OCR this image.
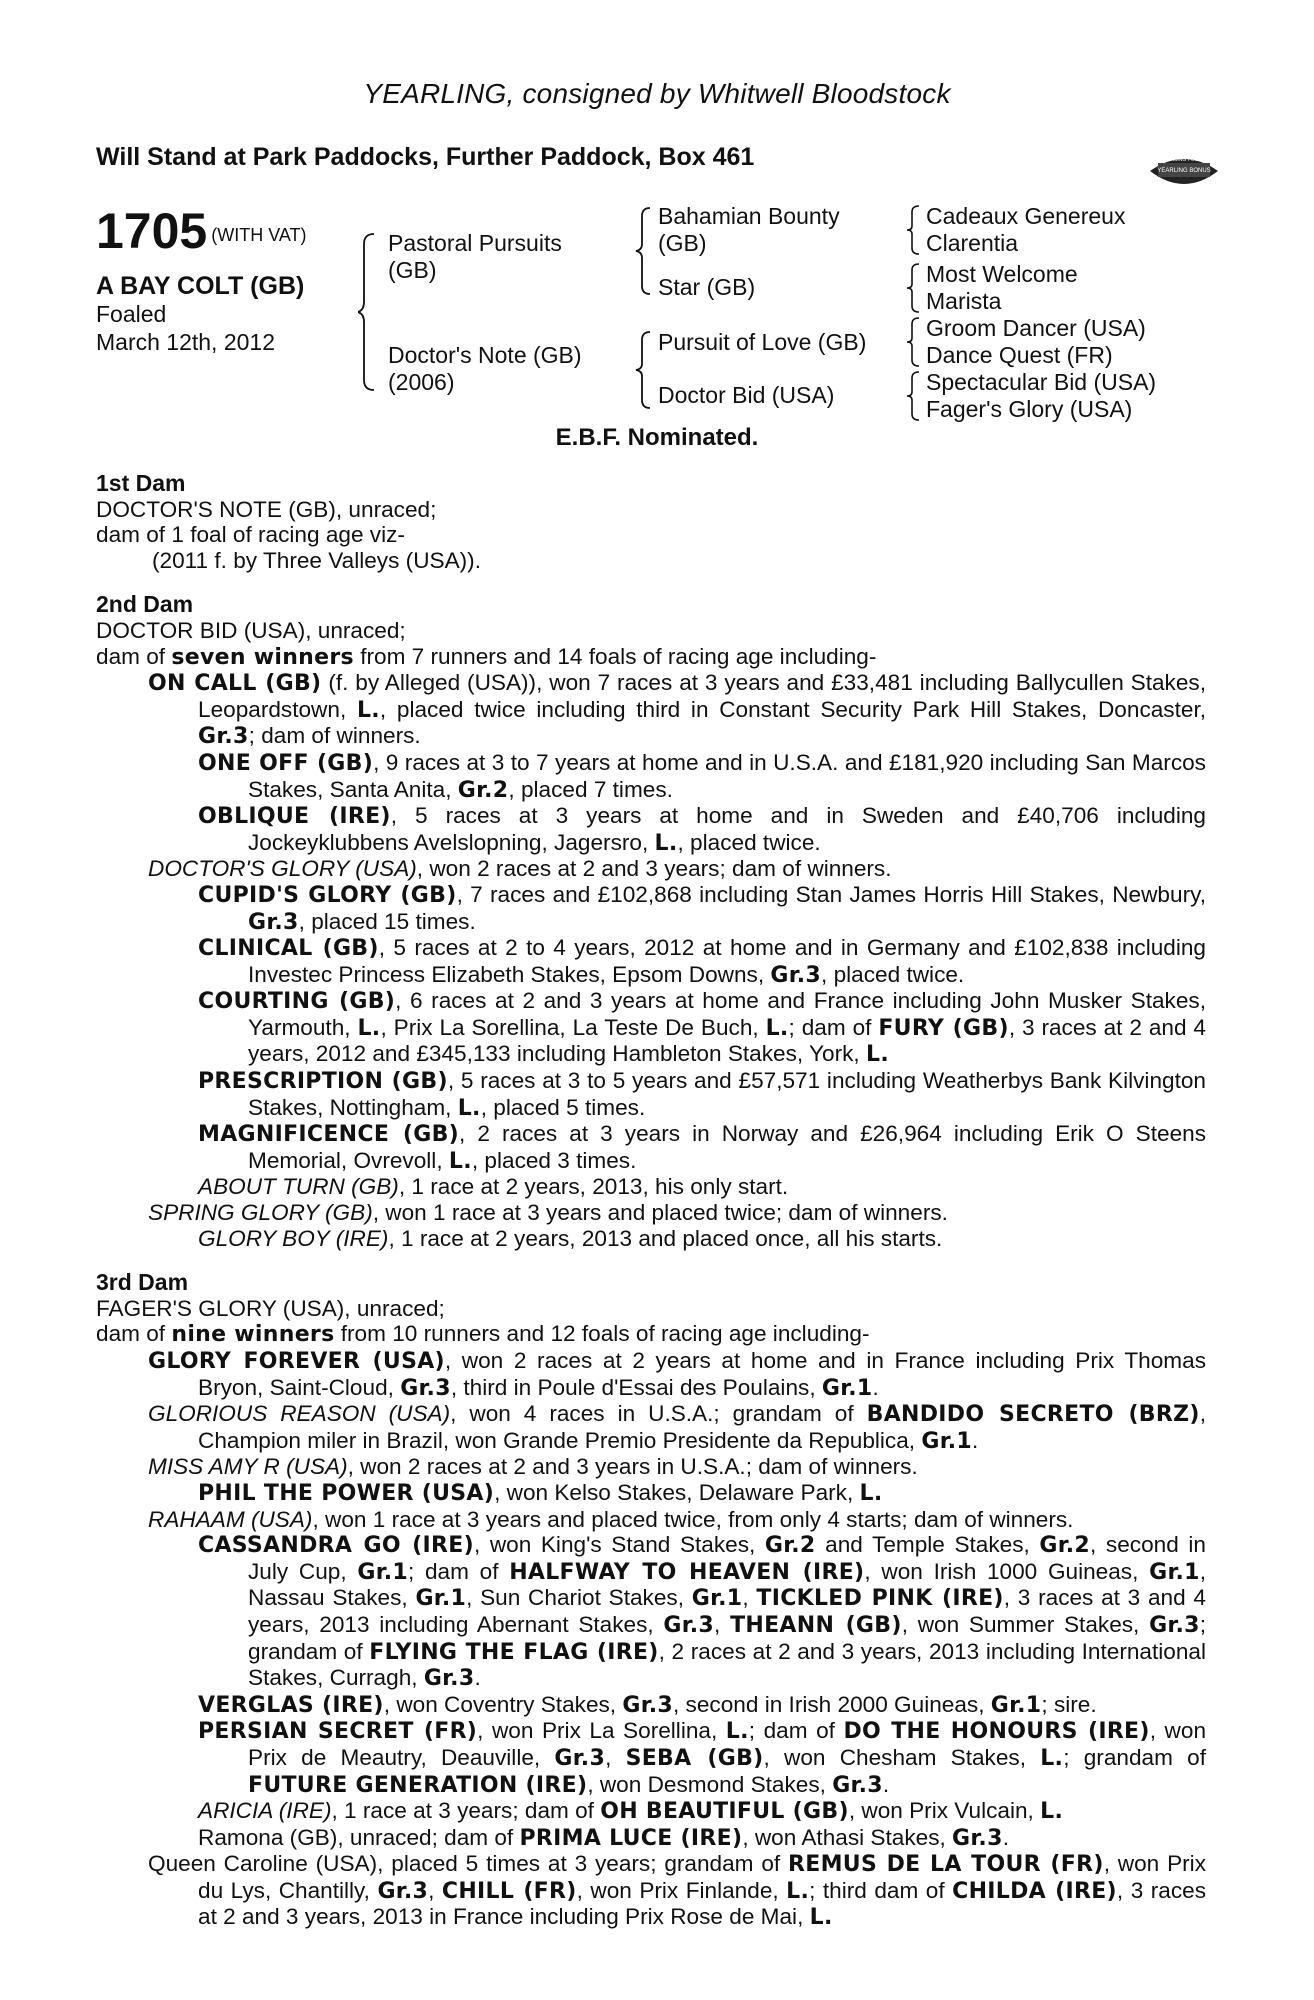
YEARLING, consigned by Whitwell Bloodstock
Will Stand at Park Paddocks, Further Paddock, Box 461	RACING POST
YEARLING BONUS
£10,000
1705 (WITH VAT)
A BAY COLT (GB)
Foaled
March 12th, 2012
Pastoral Pursuits
(GB)
Doctor's Note (GB)
(2006)
Bahamian Bounty
(GB)
Star (GB)
Pursuit of Love (GB)
Doctor Bid (USA)
Cadeaux Genereux
Clarentia
Most Welcome
Marista
Groom Dancer (USA)
Dance Quest (FR)
Spectacular Bid (USA)
Fager's Glory (USA)
E.B.F. Nominated.
1st Dam
DOCTOR'S NOTE (GB), unraced;
dam of 1 foal of racing age viz-
(2011 f. by Three Valleys (USA)).
2nd Dam
DOCTOR BID (USA), unraced;
dam of seven winners from 7 runners and 14 foals of racing age including-
ON CALL (GB) (f. by Alleged (USA)), won 7 races at 3 years and £33,481 including Ballycullen Stakes, Leopardstown, L., placed twice including third in Constant Security Park Hill Stakes, Doncaster, Gr.3; dam of winners.
ONE OFF (GB), 9 races at 3 to 7 years at home and in U.S.A. and £181,920 including San Marcos Stakes, Santa Anita, Gr.2, placed 7 times.
OBLIQUE (IRE), 5 races at 3 years at home and in Sweden and £40,706 including Jockeyklubbens Avelslopning, Jagersro, L., placed twice.
DOCTOR'S GLORY (USA), won 2 races at 2 and 3 years; dam of winners.
CUPID'S GLORY (GB), 7 races and £102,868 including Stan James Horris Hill Stakes, Newbury, Gr.3, placed 15 times.
CLINICAL (GB), 5 races at 2 to 4 years, 2012 at home and in Germany and £102,838 including Investec Princess Elizabeth Stakes, Epsom Downs, Gr.3, placed twice.
COURTING (GB), 6 races at 2 and 3 years at home and France including John Musker Stakes, Yarmouth, L., Prix La Sorellina, La Teste De Buch, L.; dam of FURY (GB), 3 races at 2 and 4 years, 2012 and £345,133 including Hambleton Stakes, York, L.
PRESCRIPTION (GB), 5 races at 3 to 5 years and £57,571 including Weatherbys Bank Kilvington Stakes, Nottingham, L., placed 5 times.
MAGNIFICENCE (GB), 2 races at 3 years in Norway and £26,964 including Erik O Steens Memorial, Ovrevoll, L., placed 3 times.
ABOUT TURN (GB), 1 race at 2 years, 2013, his only start.
SPRING GLORY (GB), won 1 race at 3 years and placed twice; dam of winners.
GLORY BOY (IRE), 1 race at 2 years, 2013 and placed once, all his starts.
3rd Dam
FAGER'S GLORY (USA), unraced;
dam of nine winners from 10 runners and 12 foals of racing age including-
GLORY FOREVER (USA), won 2 races at 2 years at home and in France including Prix Thomas Bryon, Saint-Cloud, Gr.3, third in Poule d'Essai des Poulains, Gr.1.
GLORIOUS REASON (USA), won 4 races in U.S.A.; grandam of BANDIDO SECRETO (BRZ), Champion miler in Brazil, won Grande Premio Presidente da Republica, Gr.1.
MISS AMY R (USA), won 2 races at 2 and 3 years in U.S.A.; dam of winners.
PHIL THE POWER (USA), won Kelso Stakes, Delaware Park, L.
RAHAAM (USA), won 1 race at 3 years and placed twice, from only 4 starts; dam of winners.
CASSANDRA GO (IRE), won King's Stand Stakes, Gr.2 and Temple Stakes, Gr.2, second in July Cup, Gr.1; dam of HALFWAY TO HEAVEN (IRE), won Irish 1000 Guineas, Gr.1, Nassau Stakes, Gr.1, Sun Chariot Stakes, Gr.1, TICKLED PINK (IRE), 3 races at 3 and 4 years, 2013 including Abernant Stakes, Gr.3, THEANN (GB), won Summer Stakes, Gr.3; grandam of FLYING THE FLAG (IRE), 2 races at 2 and 3 years, 2013 including International Stakes, Curragh, Gr.3.
VERGLAS (IRE), won Coventry Stakes, Gr.3, second in Irish 2000 Guineas, Gr.1; sire.
PERSIAN SECRET (FR), won Prix La Sorellina, L.; dam of DO THE HONOURS (IRE), won Prix de Meautry, Deauville, Gr.3, SEBA (GB), won Chesham Stakes, L.; grandam of FUTURE GENERATION (IRE), won Desmond Stakes, Gr.3.
ARICIA (IRE), 1 race at 3 years; dam of OH BEAUTIFUL (GB), won Prix Vulcain, L.
Ramona (GB), unraced; dam of PRIMA LUCE (IRE), won Athasi Stakes, Gr.3.
Queen Caroline (USA), placed 5 times at 3 years; grandam of REMUS DE LA TOUR (FR), won Prix du Lys, Chantilly, Gr.3, CHILL (FR), won Prix Finlande, L.; third dam of CHILDA (IRE), 3 races at 2 and 3 years, 2013 in France including Prix Rose de Mai, L.
